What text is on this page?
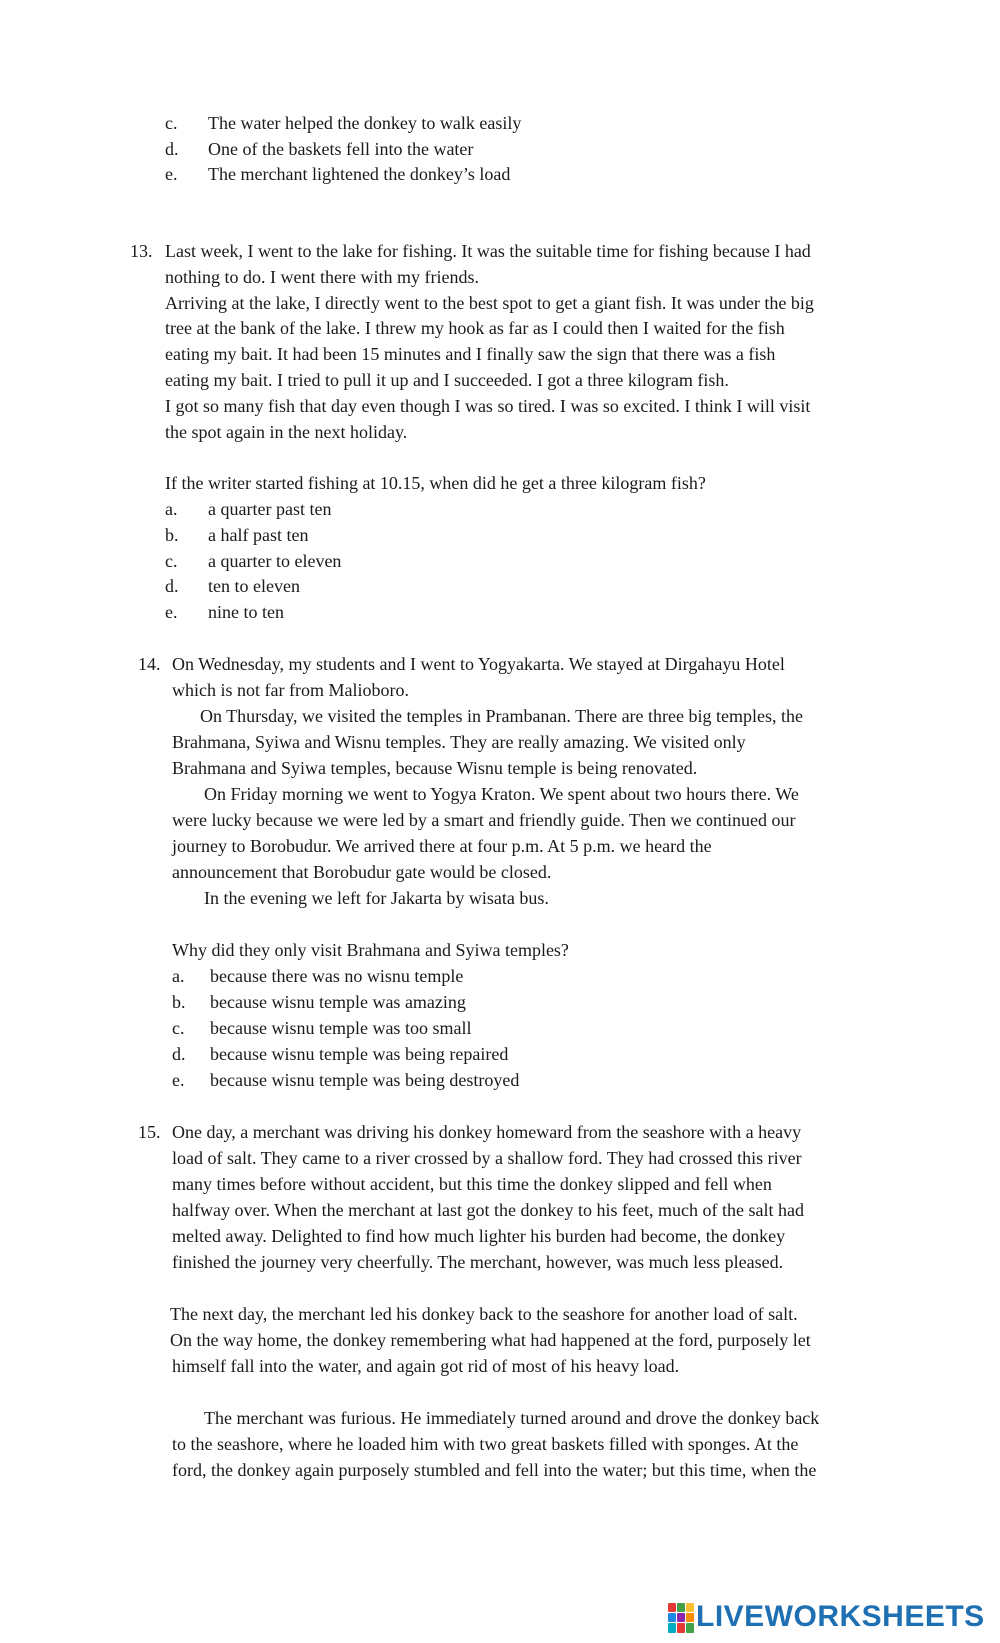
c. The water helped the donkey to walk easily
d. One of the baskets fell into the water
e. The merchant lightened the donkey’s load
13. Last week, I went to the lake for fishing. It was the suitable time for fishing because I had
nothing to do. I went there with my friends.
Arriving at the lake, I directly went to the best spot to get a giant fish. It was under the big
tree at the bank of the lake. I threw my hook as far as I could then I waited for the fish
eating my bait. It had been 15 minutes and I finally saw the sign that there was a fish
eating my bait. I tried to pull it up and I succeeded. I got a three kilogram fish.
I got so many fish that day even though I was so tired. I was so excited. I think I will visit
the spot again in the next holiday.
If the writer started fishing at 10.15, when did he get a three kilogram fish?
a. a quarter past ten
b. a half past ten
c. a quarter to eleven
d. ten to eleven
e. nine to ten
14. On Wednesday, my students and I went to Yogyakarta. We stayed at Dirgahayu Hotel
which is not far from Malioboro.
On Thursday, we visited the temples in Prambanan. There are three big temples, the
Brahmana, Syiwa and Wisnu temples. They are really amazing. We visited only
Brahmana and Syiwa temples, because Wisnu temple is being renovated.
On Friday morning we went to Yogya Kraton. We spent about two hours there. We
were lucky because we were led by a smart and friendly guide. Then we continued our
journey to Borobudur. We arrived there at four p.m. At 5 p.m. we heard the
announcement that Borobudur gate would be closed.
In the evening we left for Jakarta by wisata bus.
Why did they only visit Brahmana and Syiwa temples?
a. because there was no wisnu temple
b. because wisnu temple was amazing
c. because wisnu temple was too small
d. because wisnu temple was being repaired
e. because wisnu temple was being destroyed
15. One day, a merchant was driving his donkey homeward from the seashore with a heavy
load of salt. They came to a river crossed by a shallow ford. They had crossed this river
many times before without accident, but this time the donkey slipped and fell when
halfway over. When the merchant at last got the donkey to his feet, much of the salt had
melted away. Delighted to find how much lighter his burden had become, the donkey
finished the journey very cheerfully. The merchant, however, was much less pleased.
The next day, the merchant led his donkey back to the seashore for another load of salt.
On the way home, the donkey remembering what had happened at the ford, purposely let
himself fall into the water, and again got rid of most of his heavy load.
The merchant was furious. He immediately turned around and drove the donkey back
to the seashore, where he loaded him with two great baskets filled with sponges. At the
ford, the donkey again purposely stumbled and fell into the water; but this time, when the
LIVEWORKSHEETS
